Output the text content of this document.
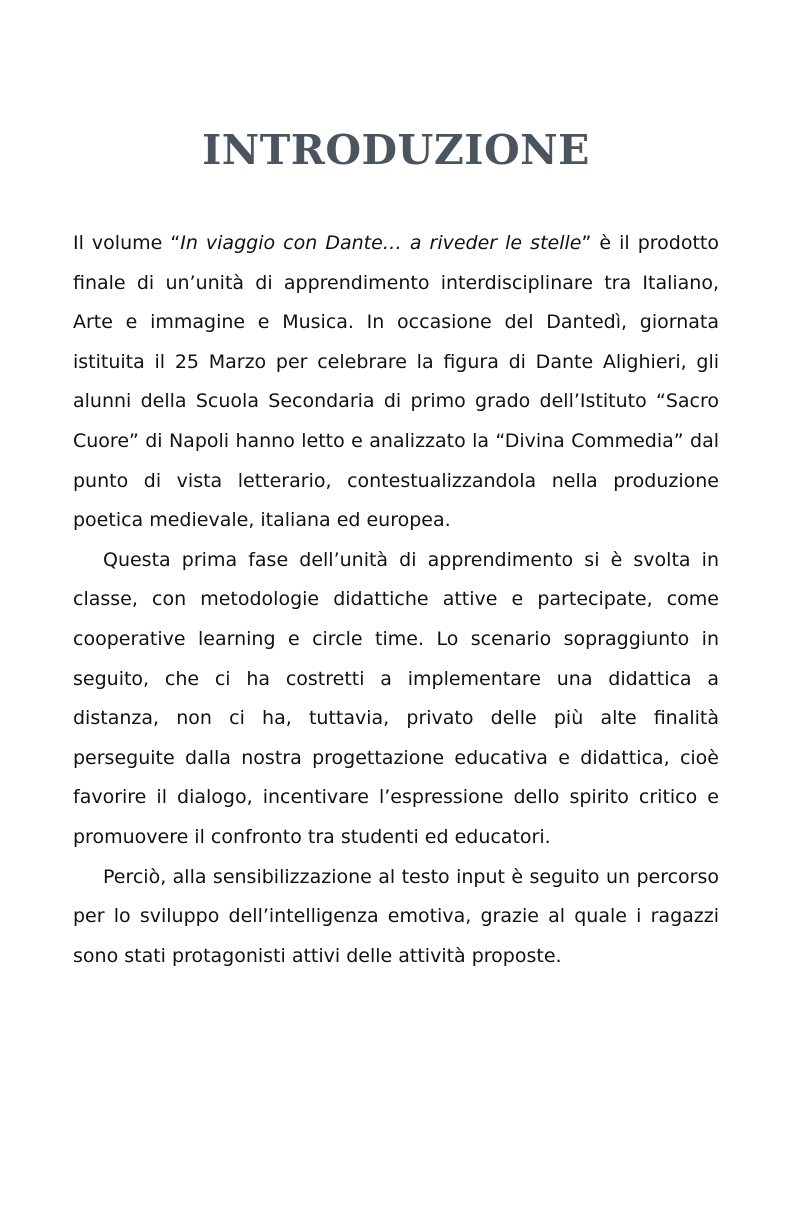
INTRODUZIONE

Il volume “In viaggio con Dante… a riveder le stelle” è il prodotto finale di un’unità di apprendimento interdisciplinare tra Italiano, Arte e immagine e Musica. In occasione del Dantedì, giornata istituita il 25 Marzo per celebrare la figura di Dante Alighieri, gli alunni della Scuola Secondaria di primo grado dell’Istituto “Sacro Cuore” di Napoli hanno letto e analizzato la “Divina Commedia” dal punto di vista letterario, contestualizzandola nella produzione poetica medievale, italiana ed europea.

Questa prima fase dell’unità di apprendimento si è svolta in classe, con metodologie didattiche attive e partecipate, come cooperative learning e circle time. Lo scenario sopraggiunto in seguito, che ci ha costretti a implementare una didattica a distanza, non ci ha, tuttavia, privato delle più alte finalità perseguite dalla nostra progettazione educativa e didattica, cioè favorire il dialogo, incentivare l’espressione dello spirito critico e promuovere il confronto tra studenti ed educatori.

Perciò, alla sensibilizzazione al testo input è seguito un percorso per lo sviluppo dell’intelligenza emotiva, grazie al quale i ragazzi sono stati protagonisti attivi delle attività proposte.
